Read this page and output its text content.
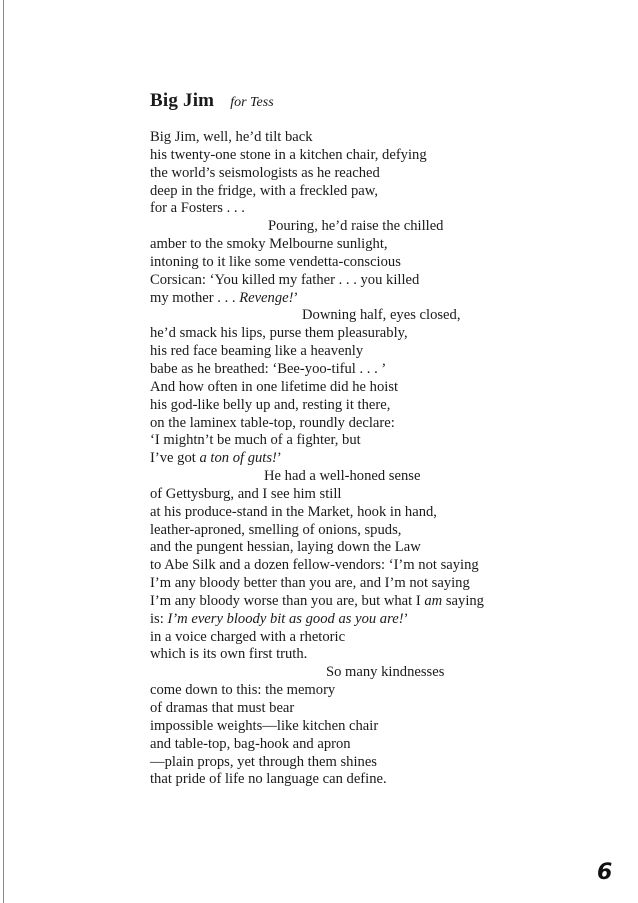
Big Jim for Tess
Big Jim, well, he’d tilt back
his twenty-one stone in a kitchen chair, defying
the world’s seismologists as he reached
deep in the fridge, with a freckled paw,
for a Fosters . . .
Pouring, he’d raise the chilled
amber to the smoky Melbourne sunlight,
intoning to it like some vendetta-conscious
Corsican: ‘You killed my father . . . you killed
my mother . . . Revenge!’
Downing half, eyes closed,
he’d smack his lips, purse them pleasurably,
his red face beaming like a heavenly
babe as he breathed: ‘Bee-yoo-tiful . . . ’
And how often in one lifetime did he hoist
his god-like belly up and, resting it there,
on the laminex table-top, roundly declare:
‘I mightn’t be much of a fighter, but
I’ve got a ton of guts!’
He had a well-honed sense
of Gettysburg, and I see him still
at his produce-stand in the Market, hook in hand,
leather-aproned, smelling of onions, spuds,
and the pungent hessian, laying down the Law
to Abe Silk and a dozen fellow-vendors: ‘I’m not saying
I’m any bloody better than you are, and I’m not saying
I’m any bloody worse than you are, but what I am saying
is: I’m every bloody bit as good as you are!’
in a voice charged with a rhetoric
which is its own first truth.
So many kindnesses
come down to this: the memory
of dramas that must bear
impossible weights—like kitchen chair
and table-top, bag-hook and apron
—plain props, yet through them shines
that pride of life no language can define.
6
